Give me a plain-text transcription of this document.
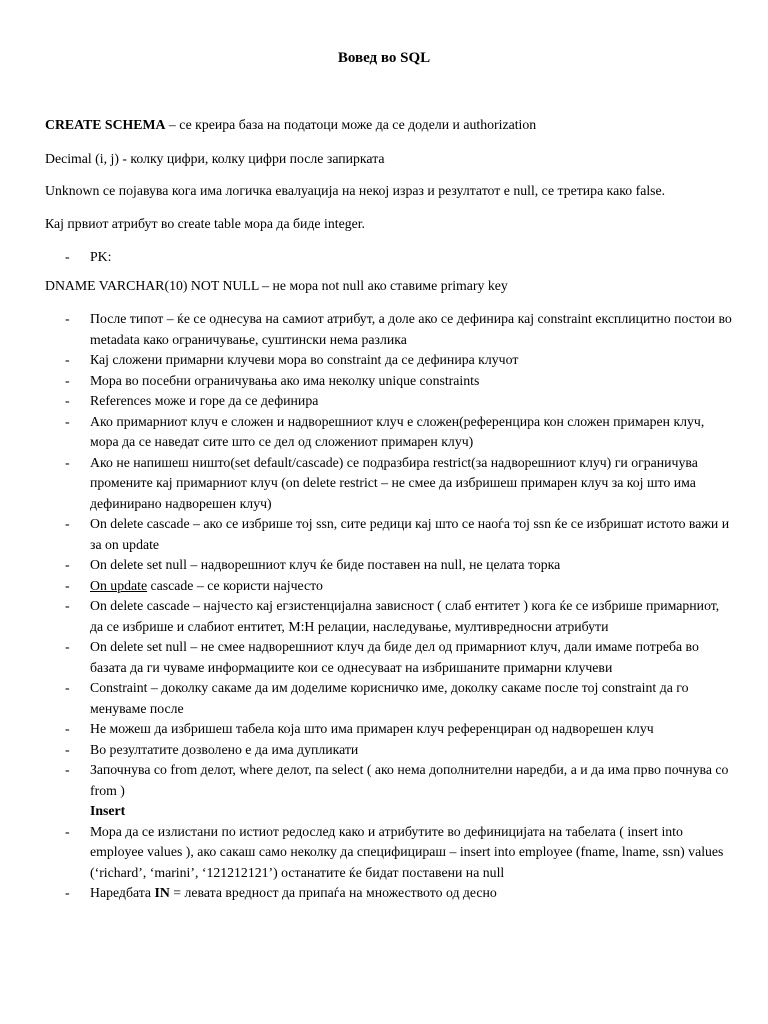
Вовед во SQL

CREATE SCHEMA – се креира база на податоци може да се додели и authorization

Decimal (i, j) - колку цифри, колку цифри после запирката

Unknown се појавува кога има логичка евалуација на некој израз и резултатот е null, се третира како false.

Кај првиот атрибут во create table мора да биде integer.

- PK:

DNAME VARCHAR(10) NOT NULL – не мора not null ако ставиме primary key

- После типот – ќе се однесува на самиот атрибут, а доле ако се дефинира кај constraint експлицитно постои во metadata како ограничување, суштински нема разлика
- Кај сложени примарни клучеви мора во constraint да се дефинира клучот
- Мора во посебни ограничувања ако има неколку unique constraints
- References може и горе да се дефинира
- Ако примарниот клуч е сложен и надворешниот клуч е сложен(референцира кон сложен примарен клуч, мора да се наведат сите што се дел од сложениот примарен клуч)
- Ако не напишеш ништо(set default/cascade) се подразбира restrict(за надворешниот клуч) ги ограничува промените кај примарниот клуч (on delete restrict – не смее да избришеш примарен клуч за кој што има дефинирано надворешен клуч)
- On delete cascade – ако се избрише тој ssn, сите редици кај што се наоѓа тој ssn ќе се избришат истото важи и за on update
- On delete set null – надворешниот клуч ќе биде поставен на null, не целата торка
- On update cascade – се користи најчесто
- On delete cascade – најчесто кај егзистенцијална зависност ( слаб ентитет ) кога ќе се избрише примарниот, да се избрише и слабиот ентитет, M:Н релации, наследување, мултивредносни атрибути
- On delete set null – не смее надворешниот клуч да биде дел од примарниот клуч, дали имаме потреба во базата да ги чуваме информациите кои се однесуваат на избришаните примарни клучеви
- Constraint – доколку сакаме да им доделиме корисничко име, доколку сакаме после тој constraint да го менуваме после
- Не можеш да избришеш табела која што има примарен клуч референциран од надворешен клуч
- Во резултатите дозволено е да има дупликати
- Започнува со from делот, where делот, па select ( ако нема дополнителни наредби, а и да има прво почнува со from )
Insert
- Мора да се излистани по истиот редослед како и атрибутите во дефиницијата на табелата ( insert into employee values ), ако сакаш само неколку да специфицираш – insert into employee (fname, lname, ssn) values (‘richard’, ‘marini’, ‘121212121’) останатите ќе бидат поставени на null
- Наредбата IN = левата вредност да припаѓа на множеството од десно
